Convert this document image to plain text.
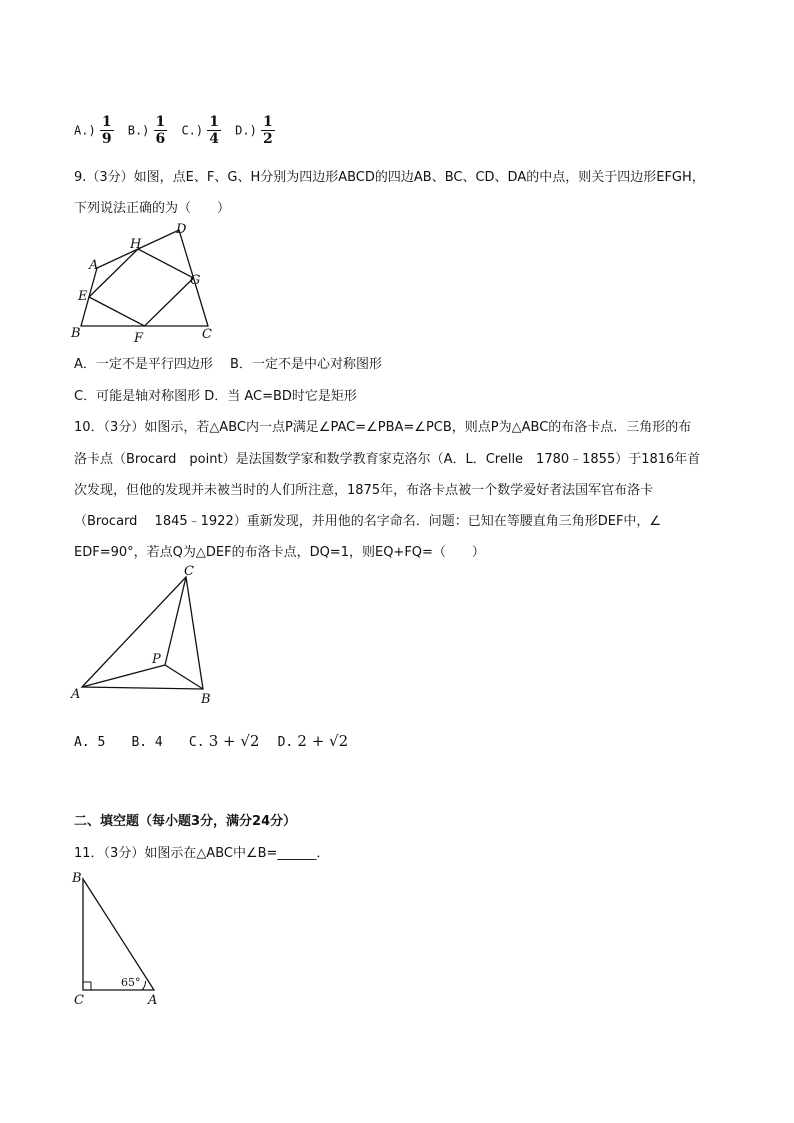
$A.) \frac{1}{9} B.) \frac{1}{6} C.) \frac{1}{4} D.) \frac{1}{2}$
9.（3分）如图，点E、F、G、H分别为四边形ABCD的四边AB、BC、CD、DA的中点，则关于四边形EFGH，
下列说法正确的为（　　）
A
B	C
D
E
F
G
H
A．一定不是平行四边形　 B．一定不是中心对称图形
C．可能是轴对称图形 D．当 AC=BD时它是矩形
10．（3分）如图示，若△ABC内一点P满足∠PAC=∠PBA=∠PCB，则点P为△ABC的布洛卡点．三角形的布
洛卡点（Brocard　point）是法国数学家和数学教育家克洛尔（A．L．Crelle　1780﹣1855）于1816年首
次发现，但他的发现并未被当时的人们所注意，1875年，布洛卡点被一个数学爱好者法国军官布洛卡
（Brocard　 1845﹣1922）重新发现，并用他的名字命名．问题：已知在等腰直角三角形DEF中，∠
EDF=90°，若点Q为△DEF的布洛卡点，DQ=1，则EQ+FQ=（　　）
A	B
C
P
A. 5 B. 4 C. 3 + √2 D. 2 + √2
二、填空题（每小题3分，满分24分）
11．（3分）如图示在△ABC中∠B=______．
B
C	A
65°
